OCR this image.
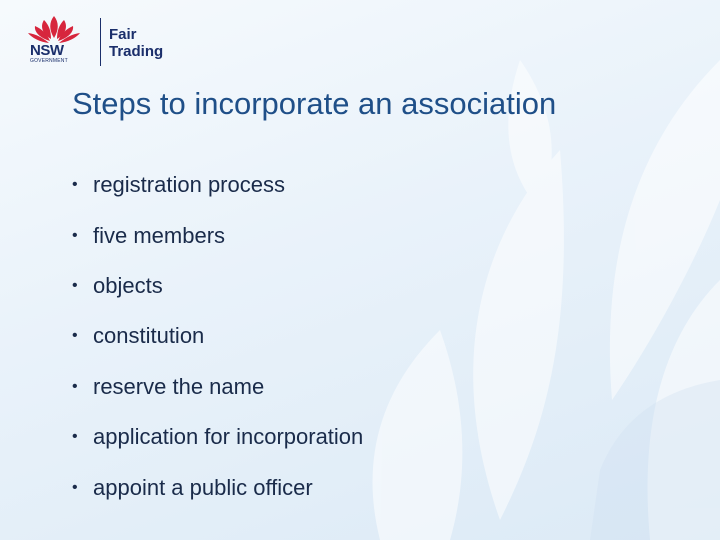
NSW
GOVERNMENT
Fair
Trading
Steps to incorporate an association
• registration process
• five members
• objects
• constitution
• reserve the name
• application for incorporation
• appoint a public officer
